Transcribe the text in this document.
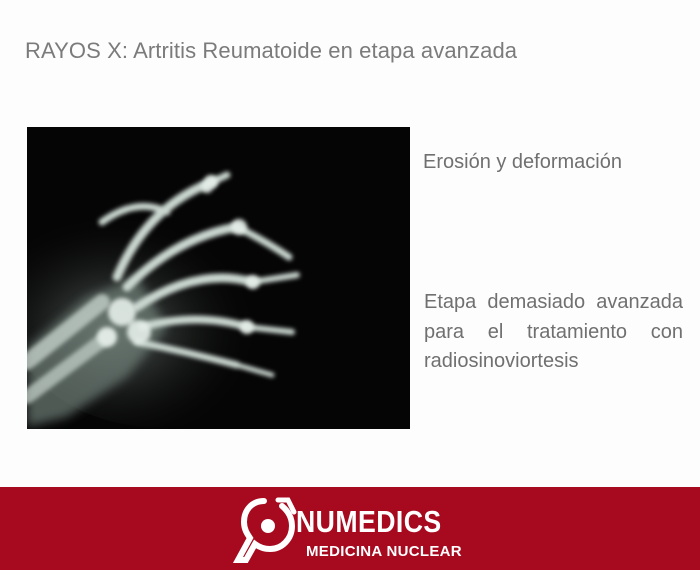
RAYOS X: Artritis Reumatoide en etapa avanzada
Erosión y deformación
Etapa demasiado avanzada para el tratamiento con radiosinoviortesis
NUMEDICS
MEDICINA NUCLEAR
